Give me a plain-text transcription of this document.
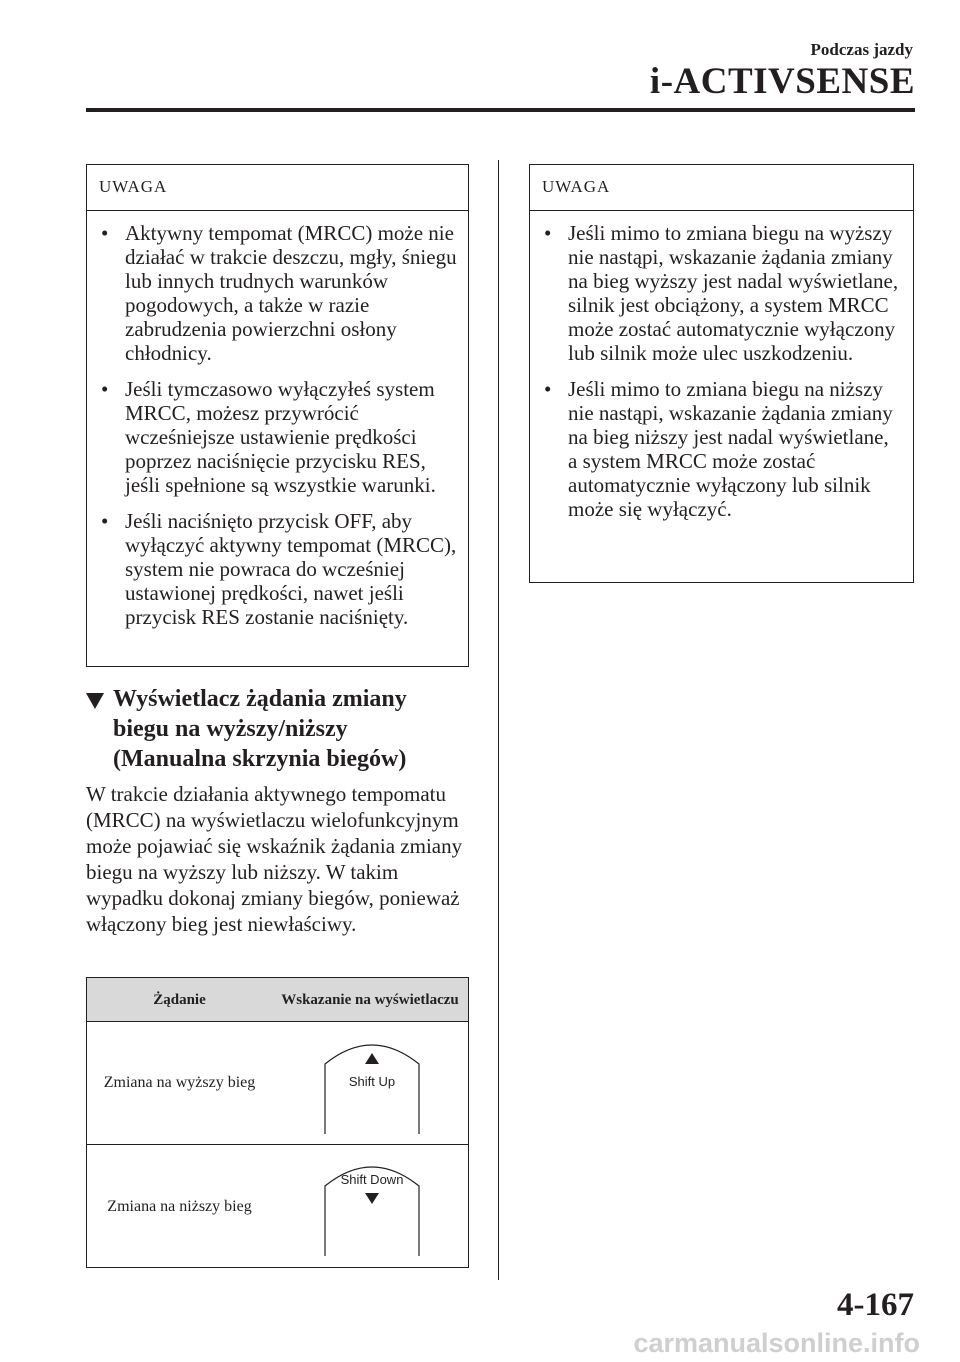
Podczas jazdy
i-ACTIVSENSE
UWAGA
• Aktywny tempomat (MRCC) może nie działać w trakcie deszczu, mgły, śniegu lub innych trudnych warunków pogodowych, a także w razie zabrudzenia powierzchni osłony chłodnicy.
• Jeśli tymczasowo wyłączyłeś system MRCC, możesz przywrócić wcześniejsze ustawienie prędkości poprzez naciśnięcie przycisku RES, jeśli spełnione są wszystkie warunki.
• Jeśli naciśnięto przycisk OFF, aby wyłączyć aktywny tempomat (MRCC), system nie powraca do wcześniej ustawionej prędkości, nawet jeśli przycisk RES zostanie naciśnięty.
Wyświetlacz żądania zmiany
biegu na wyższy/niższy
(Manualna skrzynia biegów)
W trakcie działania aktywnego tempomatu (MRCC) na wyświetlaczu wielofunkcyjnym może pojawiać się wskaźnik żądania zmiany biegu na wyższy lub niższy. W takim wypadku dokonaj zmiany biegów, ponieważ włączony bieg jest niewłaściwy.
Żądanie	Wskazanie na wyświetlaczu
Zmiana na wyższy bieg	Shift Up
Zmiana na niższy bieg
Shift Down
UWAGA
• Jeśli mimo to zmiana biegu na wyższy nie nastąpi, wskazanie żądania zmiany na bieg wyższy jest nadal wyświetlane, silnik jest obciążony, a system MRCC może zostać automatycznie wyłączony lub silnik może ulec uszkodzeniu.
• Jeśli mimo to zmiana biegu na niższy nie nastąpi, wskazanie żądania zmiany na bieg niższy jest nadal wyświetlane, a system MRCC może zostać automatycznie wyłączony lub silnik może się wyłączyć.
4-167
carmanualsonline.info
